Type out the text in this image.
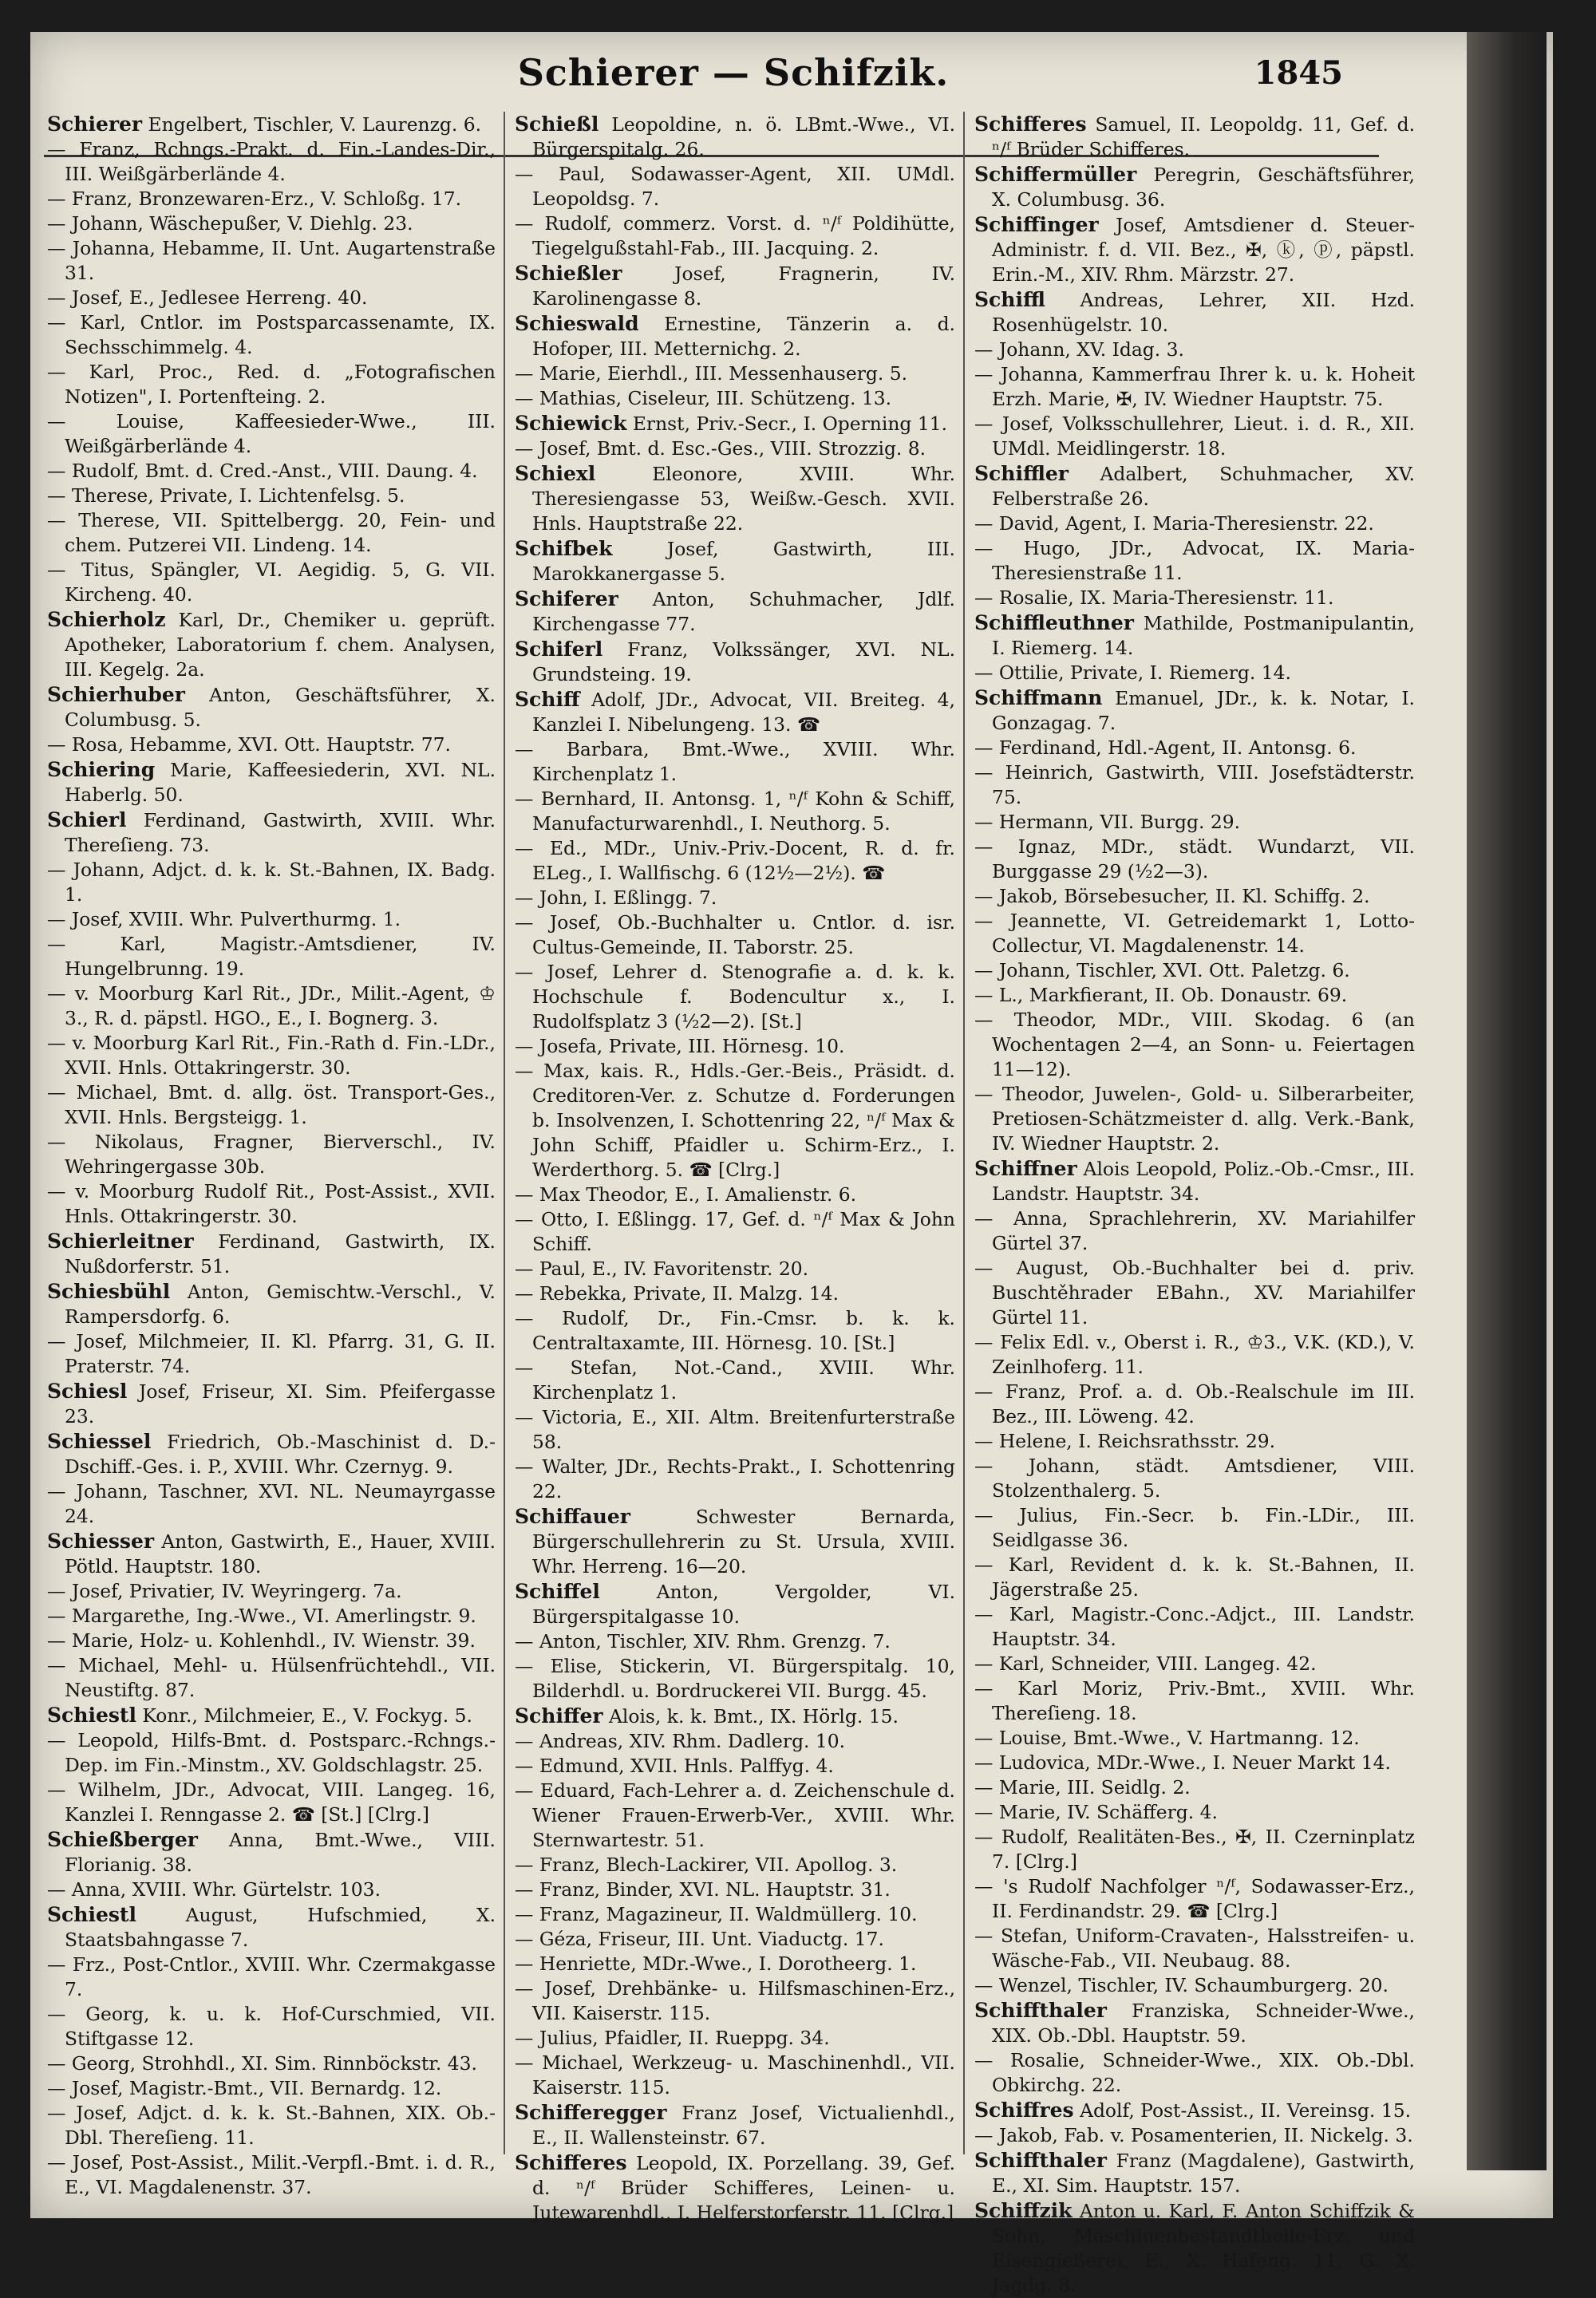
Schierer — Schifzik.	1845

Schierer Engelbert, Tischler, V. Laurenzg. 6.

— Franz, Rchngs.-Prakt. d. Fin.-Landes-Dir., III. Weißgärberlände 4.

— Franz, Bronzewaren-Erz., V. Schloßg. 17.

— Johann, Wäschepußer, V. Diehlg. 23.

— Johanna, Hebamme, II. Unt. Augartenstraße 31.

— Josef, E., Jedlesee Herreng. 40.

— Karl, Cntlor. im Postsparcassenamte, IX. Sechsschimmelg. 4.

— Karl, Proc., Red. d. „Fotografischen Notizen", I. Portenfteing. 2.

— Louise, Kaffeesieder-Wwe., III. Weißgärberlände 4.

— Rudolf, Bmt. d. Cred.-Anst., VIII. Daung. 4.

— Therese, Private, I. Lichtenfelsg. 5.

— Therese, VII. Spittelbergg. 20, Fein- und chem. Putzerei VII. Lindeng. 14.

— Titus, Spängler, VI. Aegidig. 5, G. VII. Kircheng. 40.

Schierholz Karl, Dr., Chemiker u. geprüft. Apotheker, Laboratorium f. chem. Analysen, III. Kegelg. 2a.

Schierhuber Anton, Geschäftsführer, X. Columbusg. 5.

— Rosa, Hebamme, XVI. Ott. Hauptstr. 77.

Schiering Marie, Kaffeesiederin, XVI. NL. Haberlg. 50.

Schierl Ferdinand, Gastwirth, XVIII. Whr. Thereſieng. 73.

— Johann, Adjct. d. k. k. St.-Bahnen, IX. Badg. 1.

— Josef, XVIII. Whr. Pulverthurmg. 1.

— Karl, Magistr.-Amtsdiener, IV. Hungelbrunng. 19.

— v. Moorburg Karl Rit., JDr., Milit.-Agent, ♔ 3., R. d. päpstl. HGO., E., I. Bognerg. 3.

— v. Moorburg Karl Rit., Fin.-Rath d. Fin.-LDr., XVII. Hnls. Ottakringerstr. 30.

— Michael, Bmt. d. allg. öst. Transport-Ges., XVII. Hnls. Bergsteigg. 1.

— Nikolaus, Fragner, Bierverschl., IV. Wehringergasse 30b.

— v. Moorburg Rudolf Rit., Post-Assist., XVII. Hnls. Ottakringerstr. 30.

Schierleitner Ferdinand, Gastwirth, IX. Nußdorferstr. 51.

Schiesbühl Anton, Gemischtw.-Verschl., V. Rampersdorfg. 6.

— Josef, Milchmeier, II. Kl. Pfarrg. 31, G. II. Praterstr. 74.

Schiesl Josef, Friseur, XI. Sim. Pfeifergasse 23.

Schiessel Friedrich, Ob.-Maschinist d. D.-Dschiff.-Ges. i. P., XVIII. Whr. Czernyg. 9.

— Johann, Taschner, XVI. NL. Neumayrgasse 24.

Schiesser Anton, Gastwirth, E., Hauer, XVIII. Pötld. Hauptstr. 180.

— Josef, Privatier, IV. Weyringerg. 7a.

— Margarethe, Ing.-Wwe., VI. Amerlingstr. 9.

— Marie, Holz- u. Kohlenhdl., IV. Wienstr. 39.

— Michael, Mehl- u. Hülsenfrüchtehdl., VII. Neustiftg. 87.

Schiestl Konr., Milchmeier, E., V. Fockyg. 5.

— Leopold, Hilfs-Bmt. d. Postsparc.-Rchngs.-Dep. im Fin.-Minstm., XV. Goldschlagstr. 25.

— Wilhelm, JDr., Advocat, VIII. Langeg. 16, Kanzlei I. Renngasse 2. ☎ [St.] [Clrg.]

Schießberger Anna, Bmt.-Wwe., VIII. Florianig. 38.

— Anna, XVIII. Whr. Gürtelstr. 103.

Schiestl	August, Hufschmied, X. Staatsbahngasse 7.

— Frz., Post-Cntlor., XVIII. Whr. Czermakgasse 7.

— Georg, k. u. k. Hof-Curschmied, VII. Stiftgasse 12.

— Georg, Strohhdl., XI. Sim. Rinnböckstr. 43.

— Josef, Magistr.-Bmt., VII. Bernardg. 12.

— Josef, Adjct. d. k. k. St.-Bahnen, XIX. Ob.-Dbl. Thereſieng. 11.

— Josef, Post-Assist., Milit.-Verpfl.-Bmt. i. d. R., E., VI. Magdalenenstr. 37.

Schießl Leopoldine, n. ö. LBmt.-Wwe., VI. Bürgerspitalg. 26.

— Paul, Sodawasser-Agent, XII. UMdl. Leopoldsg. 7.

— Rudolf, commerz. Vorst. d. ⁿ/ᶠ Poldihütte, Tiegelgußstahl-Fab., III. Jacquing. 2.

Schießler	Josef, Fragnerin, IV. Karolinengasse 8.

Schieswald Ernestine, Tänzerin a. d. Hofoper, III. Metternichg. 2.

— Marie, Eierhdl., III. Messenhauserg. 5.

— Mathias, Ciseleur, III. Schützeng. 13.

Schiewick Ernst, Priv.-Secr., I. Operning 11.

— Josef, Bmt. d. Esc.-Ges., VIII. Strozzig. 8.

Schiexl	Eleonore, XVIII. Whr. Theresiengasse 53, Weißw.-Gesch. XVII. Hnls. Hauptstraße 22.

Schifbek	Josef, Gastwirth, III. Marokkanergasse 5.

Schiferer Anton, Schuhmacher, Jdlf. Kirchengasse 77.

Schiferl Franz, Volkssänger, XVI. NL. Grundsteing. 19.

Schiff Adolf, JDr., Advocat, VII. Breiteg. 4, Kanzlei I. Nibelungeng. 13. ☎

— Barbara, Bmt.-Wwe., XVIII. Whr. Kirchenplatz 1.

— Bernhard, II. Antonsg. 1, ⁿ/ᶠ Kohn & Schiff, Manufacturwarenhdl., I. Neuthorg. 5.

— Ed., MDr., Univ.-Priv.-Docent, R. d. fr. ELeg., I. Wallfischg. 6 (12½—2½). ☎

— John, I. Eßlingg. 7.

— Josef, Ob.-Buchhalter u. Cntlor. d. isr. Cultus-Gemeinde, II. Taborstr. 25.

— Josef, Lehrer d. Stenografie a. d. k. k. Hochschule f. Bodencultur x., I. Rudolfsplatz 3 (½2—2). [St.]

— Josefa, Private, III. Hörnesg. 10.

— Max, kais. R., Hdls.-Ger.-Beis., Präsidt. d. Creditoren-Ver. z. Schutze d. Forderungen b. Insolvenzen, I. Schottenring 22, ⁿ/ᶠ Max & John Schiff, Pfaidler u. Schirm-Erz., I. Werderthorg. 5. ☎ [Clrg.]

— Max Theodor, E., I. Amalienstr. 6.

— Otto, I. Eßlingg. 17, Gef. d. ⁿ/ᶠ Max & John Schiff.

— Paul, E., IV. Favoritenstr. 20.

— Rebekka, Private, II. Malzg. 14.

— Rudolf, Dr., Fin.-Cmsr. b. k. k. Centraltaxamte, III. Hörnesg. 10. [St.]

— Stefan, Not.-Cand., XVIII. Whr. Kirchenplatz 1.

— Victoria, E., XII. Altm. Breitenfurterstraße 58.

— Walter, JDr., Rechts-Prakt., I. Schottenring 22.

Schiffauer	Schwester Bernarda, Bürgerschullehrerin zu St. Ursula, XVIII. Whr. Herreng. 16—20.

Schiffel	Anton, Vergolder, VI. Bürgerspitalgasse 10.

— Anton, Tischler, XIV. Rhm. Grenzg. 7.

— Elise, Stickerin, VI. Bürgerspitalg. 10, Bilderhdl. u. Bordruckerei VII. Burgg. 45.

Schiffer Alois, k. k. Bmt., IX. Hörlg. 15.

— Andreas, XIV. Rhm. Dadlerg. 10.

— Edmund, XVII. Hnls. Palffyg. 4.

— Eduard, Fach-Lehrer a. d. Zeichenschule d. Wiener Frauen-Erwerb-Ver., XVIII. Whr. Sternwartestr. 51.

— Franz, Blech-Lackirer, VII. Apollog. 3.

— Franz, Binder, XVI. NL. Hauptstr. 31.

— Franz, Magazineur, II. Waldmüllerg. 10.

— Géza, Friseur, III. Unt. Viaductg. 17.

— Henriette, MDr.-Wwe., I. Dorotheerg. 1.

— Josef, Drehbänke- u. Hilfsmaschinen-Erz., VII. Kaiserstr. 115.

— Julius, Pfaidler, II. Rueppg. 34.

— Michael, Werkzeug- u. Maschinenhdl., VII. Kaiserstr. 115.

Schifferegger Franz Josef, Victualienhdl., E., II. Wallensteinstr. 67.

Schifferes Leopold, IX. Porzellang. 39, Gef. d. ⁿ/ᶠ Brüder Schifferes, Leinen- u. Jutewarenhdl., I. Helferstorferstr. 11. [Clrg.]

Schifferes Samuel, II. Leopoldg. 11, Gef. d. ⁿ/ᶠ Brüder Schifferes.

Schiffermüller Peregrin, Geschäftsführer, X. Columbusg. 36.

Schiffinger Josef, Amtsdiener d. Steuer-Administr. f. d. VII. Bez., ✠, ⓚ, ⓟ, päpstl. Erin.-M., XIV. Rhm. Märzstr. 27.

Schiffl Andreas, Lehrer, XII. Hzd. Rosenhügelstr. 10.

— Johann, XV. Idag. 3.

— Johanna, Kammerfrau Ihrer k. u. k. Hoheit Erzh. Marie, ✠, IV. Wiedner Hauptstr. 75.

— Josef, Volksschullehrer, Lieut. i. d. R., XII. UMdl. Meidlingerstr. 18.

Schiffler Adalbert, Schuhmacher, XV. Felberstraße 26.

— David, Agent, I. Maria-Theresienstr. 22.

— Hugo, JDr., Advocat, IX. Maria-Theresienstraße 11.

— Rosalie, IX. Maria-Theresienstr. 11.

Schiffleuthner Mathilde, Postmanipulantin, I. Riemerg. 14.

— Ottilie, Private, I. Riemerg. 14.

Schiffmann Emanuel, JDr., k. k. Notar, I. Gonzagag. 7.

— Ferdinand, Hdl.-Agent, II. Antonsg. 6.

— Heinrich, Gastwirth, VIII. Josefstädterstr. 75.

— Hermann, VII. Burgg. 29.

— Ignaz, MDr., städt. Wundarzt, VII. Burggasse 29 (½2—3).

— Jakob, Börsebesucher, II. Kl. Schiffg. 2.

— Jeannette, VI. Getreidemarkt 1, Lotto-Collectur, VI. Magdalenenstr. 14.

— Johann, Tischler, XVI. Ott. Paletzg. 6.

— L., Markfierant, II. Ob. Donaustr. 69.

— Theodor, MDr., VIII. Skodag. 6 (an Wochentagen 2—4, an Sonn- u. Feiertagen 11—12).

— Theodor, Juwelen-, Gold- u. Silberarbeiter, Pretiosen-Schätzmeister d. allg. Verk.-Bank, IV. Wiedner Hauptstr. 2.

Schiffner Alois Leopold, Poliz.-Ob.-Cmsr., III. Landstr. Hauptstr. 34.

— Anna, Sprachlehrerin, XV. Mariahilfer Gürtel 37.

— August, Ob.-Buchhalter bei d. priv. Buschtěhrader EBahn., XV. Mariahilfer Gürtel 11.

— Felix Edl. v., Oberst i. R., ♔3., V.K. (KD.), V. Zeinlhoferg. 11.

— Franz, Prof. a. d. Ob.-Realschule im III. Bez., III. Löweng. 42.

— Helene, I. Reichsrathsstr. 29.

— Johann, städt. Amtsdiener, VIII. Stolzenthalerg. 5.

— Julius, Fin.-Secr. b. Fin.-LDir., III. Seidlgasse 36.

— Karl, Revident d. k. k. St.-Bahnen, II. Jägerstraße 25.

— Karl, Magistr.-Conc.-Adjct., III. Landstr. Hauptstr. 34.

— Karl, Schneider, VIII. Langeg. 42.

— Karl Moriz, Priv.-Bmt., XVIII. Whr. Thereſieng. 18.

— Louise, Bmt.-Wwe., V. Hartmanng. 12.

— Ludovica, MDr.-Wwe., I. Neuer Markt 14.

— Marie, III. Seidlg. 2.

— Marie, IV. Schäfferg. 4.

— Rudolf, Realitäten-Bes., ✠, II. Czerninplatz 7. [Clrg.]

— 's Rudolf Nachfolger ⁿ/ᶠ, Sodawasser-Erz., II. Ferdinandstr. 29. ☎ [Clrg.]

— Stefan, Uniform-Cravaten-, Halsstreifen- u. Wäsche-Fab., VII. Neubaug. 88.

— Wenzel, Tischler, IV. Schaumburgerg. 20.

Schiffthaler Franziska, Schneider-Wwe., XIX. Ob.-Dbl. Hauptstr. 59.

— Rosalie, Schneider-Wwe., XIX. Ob.-Dbl. Obkirchg. 22.

Schiffres Adolf, Post-Assist., II. Vereinsg. 15.

— Jakob, Fab. v. Posamenterien, II. Nickelg. 3.

Schiffthaler Franz (Magdalene), Gastwirth, E., XI. Sim. Hauptstr. 157.

Schiffzik Anton u. Karl, F. Anton Schiffzik & Sohn, Maschinenbestandtheile-Erz. und Eisengießerei, E., X. Hafeng. 11, G. X. Jagdg. 8.
